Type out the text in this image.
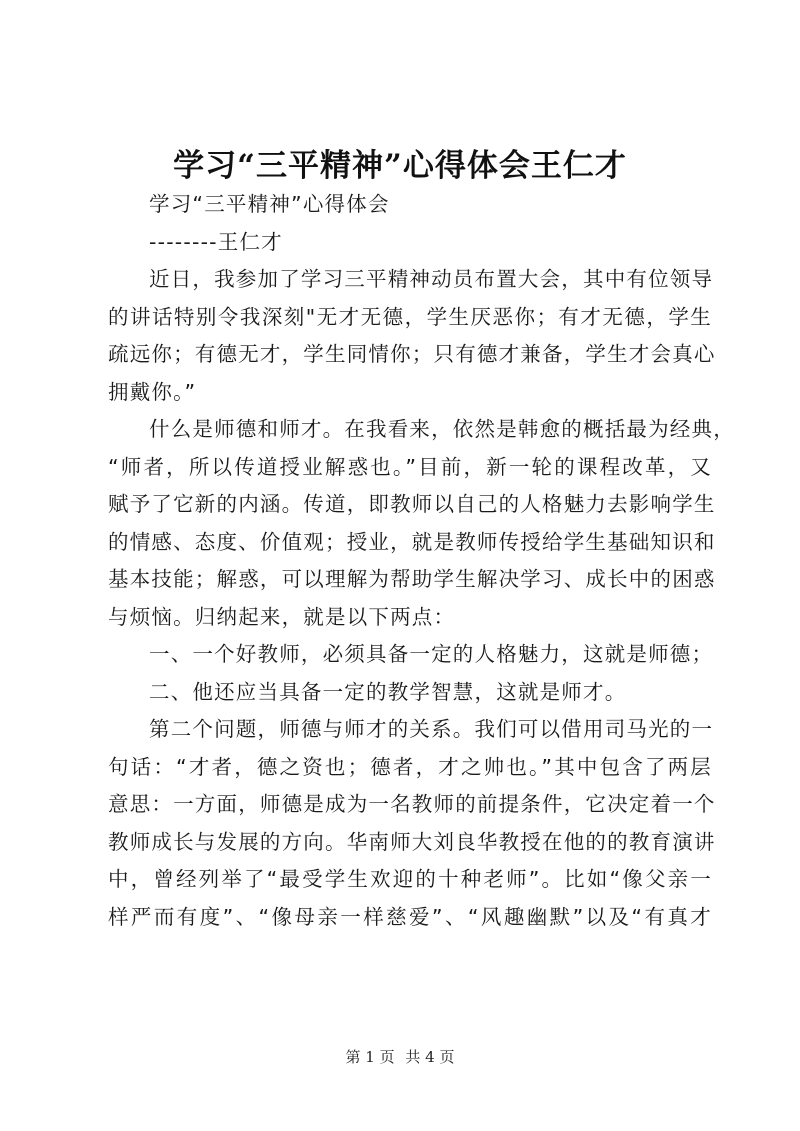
学习“三平精神”心得体会王仁才
学习“三平精神”心得体会
--------王仁才
近日，我参加了学习三平精神动员布置大会，其中有位领导
的讲话特别令我深刻"无才无德，学生厌恶你；有才无德，学生
疏远你；有德无才，学生同情你；只有德才兼备，学生才会真心
拥戴你。”
什么是师德和师才。在我看来，依然是韩愈的概括最为经典，
“师者，所以传道授业解惑也。”目前，新一轮的课程改革，又
赋予了它新的内涵。传道，即教师以自己的人格魅力去影响学生
的情感、态度、价值观；授业，就是教师传授给学生基础知识和
基本技能；解惑，可以理解为帮助学生解决学习、成长中的困惑
与烦恼。归纳起来，就是以下两点：
一、一个好教师，必须具备一定的人格魅力，这就是师德；
二、他还应当具备一定的教学智慧，这就是师才。
第二个问题，师德与师才的关系。我们可以借用司马光的一
句话：“才者，德之资也；德者，才之帅也。”其中包含了两层
意思：一方面，师德是成为一名教师的前提条件，它决定着一个
教师成长与发展的方向。华南师大刘良华教授在他的的教育演讲
中，曾经列举了“最受学生欢迎的十种老师”。比如“像父亲一
样严而有度”、“像母亲一样慈爱”、“风趣幽默”以及“有真才
第 1 页 共 4 页
